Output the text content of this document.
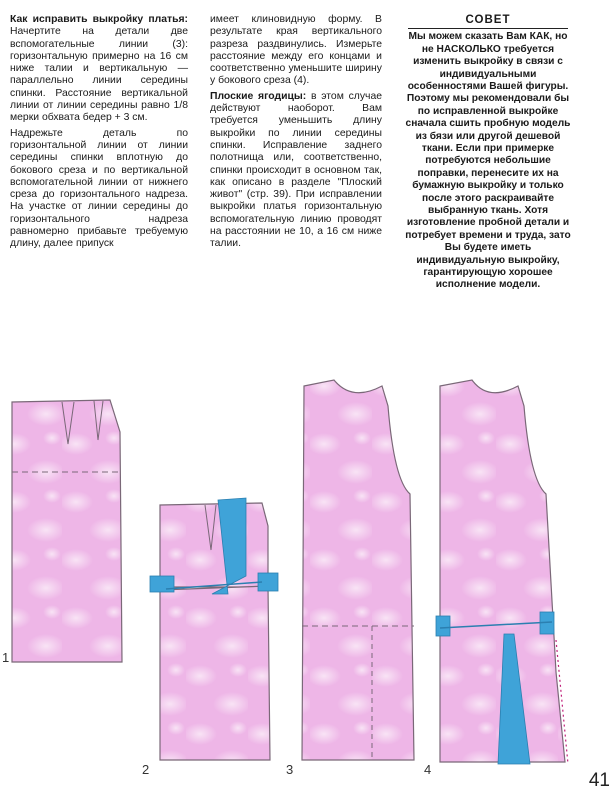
Как исправить выкройку платья: Начертите на детали две вспомогательные линии (3): горизонтальную примерно на 16 см ниже талии и вертикальную — параллельно линии середины спинки. Расстояние вертикальной линии от линии середины равно 1/8 мерки обхвата бедер + 3 см.

Надрежьте деталь по горизонтальной линии от линии середины спинки вплотную до бокового среза и по вертикальной вспомогательной линии от нижнего среза до горизонтального надреза. На участке от линии середины до горизонтального надреза равномерно прибавьте требуемую длину, далее припуск

имеет клиновидную форму. В результате края вертикального разреза раздвинулись. Измерьте расстояние между его концами и соответственно уменьшите ширину у бокового среза (4).

Плоские ягодицы: в этом случае действуют наоборот. Вам требуется уменьшить длину выкройки по линии середины спинки. Исправление заднего полотнища или, соответственно, спинки происходит в основном так, как описано в разделе "Плоский живот" (стр. 39). При исправлении выкройки платья горизонтальную вспомогательную линию проводят на расстоянии не 10, а 16 см ниже талии.

СОВЕТ
Мы можем сказать Вам КАК, но не НАСКОЛЬКО требуется изменить выкройку в связи с индивидуальными особенностями Вашей фигуры. Поэтому мы рекомендовали бы по исправленной выкройке сначала сшить пробную модель из бязи или другой дешевой ткани. Если при примерке потребуются небольшие поправки, перенесите их на бумажную выкройку и только после этого раскраивайте выбранную ткань. Хотя изготовление пробной детали и потребует времени и труда, зато Вы будете иметь индивидуальную выкройку, гарантирующую хорошее исполнение модели.
1
2	3	4
41
